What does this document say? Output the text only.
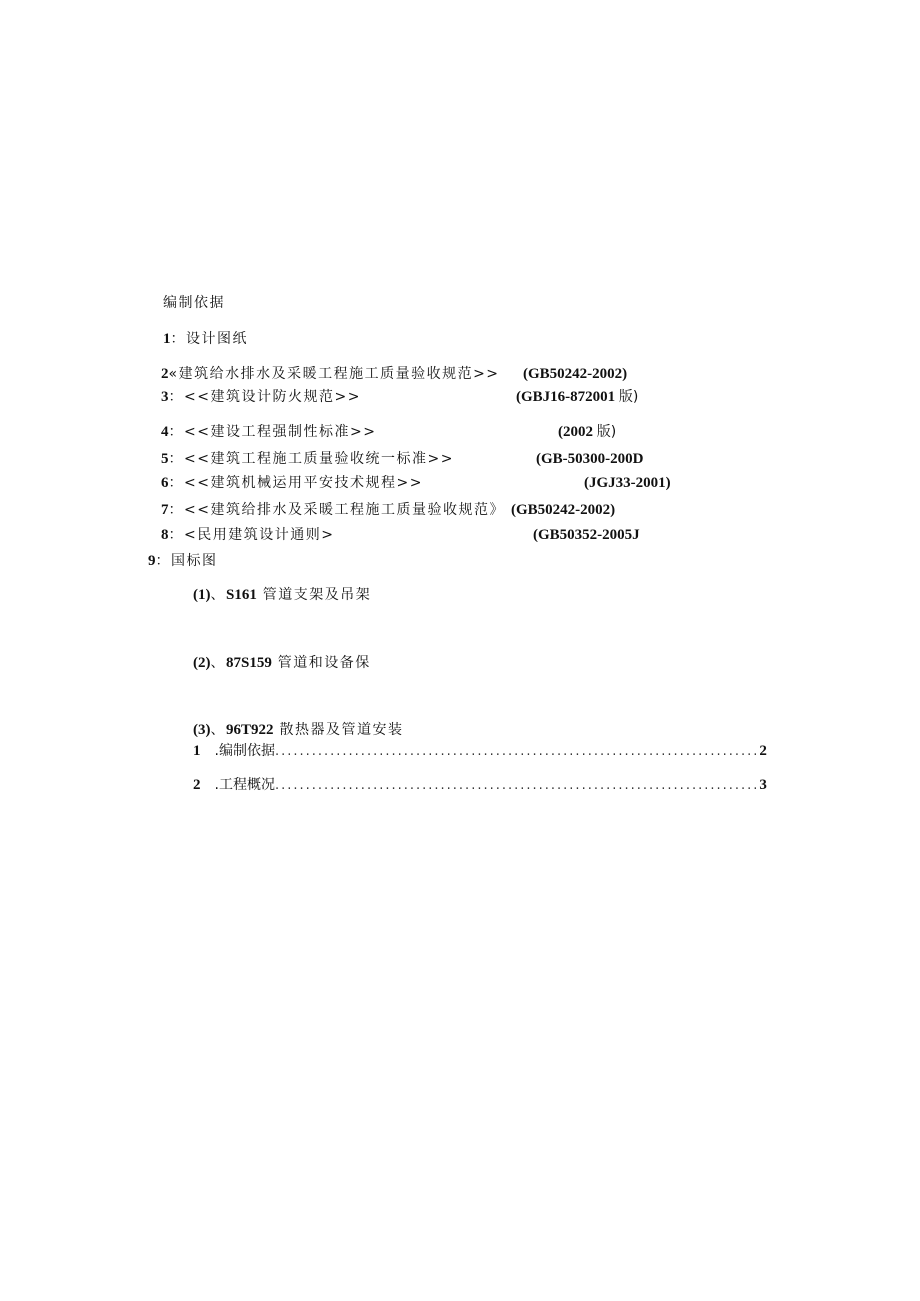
编制依据
1：设计图纸
2«建筑给水排水及采暖工程施工质量验收规范>> (GB50242-2002)
3：<<建筑设计防火规范>>	(GBJ16-872001 版)
4：<<建设工程强制性标准>>	(2002 版)
5：<<建筑工程施工质量验收统一标准>>	(GB-50300-200D
6：<<建筑机械运用平安技术规程>>	(JGJ33-2001)
7：<<建筑给排水及采暖工程施工质量验收规范》 (GB50242-2002)
8：<民用建筑设计通则>	(GB50352-2005J
9：国标图
(1)、S161 管道支架及吊架
(2)、87S159 管道和设备保
(3)、96T922 散热器及管道安装
1 .编制依据 ............................................................................... 2
2 .工程概况 ............................................................................... 3
